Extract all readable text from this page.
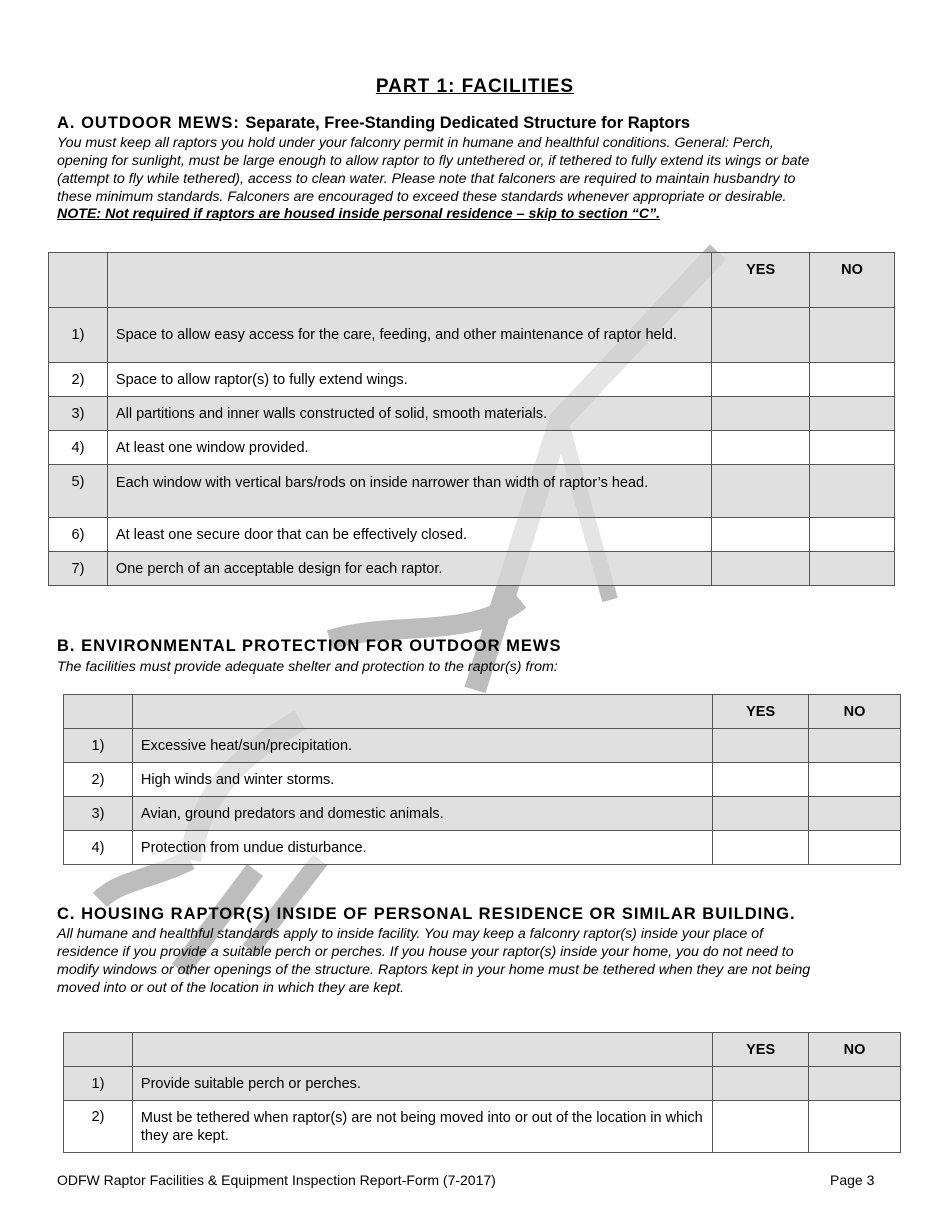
PART 1: FACILITIES
A. OUTDOOR MEWS: Separate, Free-Standing Dedicated Structure for Raptors
You must keep all raptors you hold under your falconry permit in humane and healthful conditions. General: Perch,
opening for sunlight, must be large enough to allow raptor to fly untethered or, if tethered to fully extend its wings or bate
(attempt to fly while tethered), access to clean water. Please note that falconers are required to maintain husbandry to
these minimum standards. Falconers are encouraged to exceed these standards whenever appropriate or desirable.
NOTE: Not required if raptors are housed inside personal residence – skip to section “C”.
		YES	NO
1)	Space to allow easy access for the care, feeding, and other maintenance of raptor held.		
2)	Space to allow raptor(s) to fully extend wings.		
3)	All partitions and inner walls constructed of solid, smooth materials.		
4)	At least one window provided.		
5)	Each window with vertical bars/rods on inside narrower than width of raptor’s head.		
6)	At least one secure door that can be effectively closed.		
7)	One perch of an acceptable design for each raptor.		
B. ENVIRONMENTAL PROTECTION FOR OUTDOOR MEWS
The facilities must provide adequate shelter and protection to the raptor(s) from:
		YES	NO
1)	Excessive heat/sun/precipitation.		
2)	High winds and winter storms.		
3)	Avian, ground predators and domestic animals.		
4)	Protection from undue disturbance.		
C. HOUSING RAPTOR(S) INSIDE OF PERSONAL RESIDENCE OR SIMILAR BUILDING.
All humane and healthful standards apply to inside facility. You may keep a falconry raptor(s) inside your place of
residence if you provide a suitable perch or perches. If you house your raptor(s) inside your home, you do not need to
modify windows or other openings of the structure. Raptors kept in your home must be tethered when they are not being
moved into or out of the location in which they are kept.
		YES	NO
1)	Provide suitable perch or perches.		
2)	Must be tethered when raptor(s) are not being moved into or out of the location in which they are kept.		
ODFW Raptor Facilities & Equipment Inspection Report-Form (7-2017)	Page 3
